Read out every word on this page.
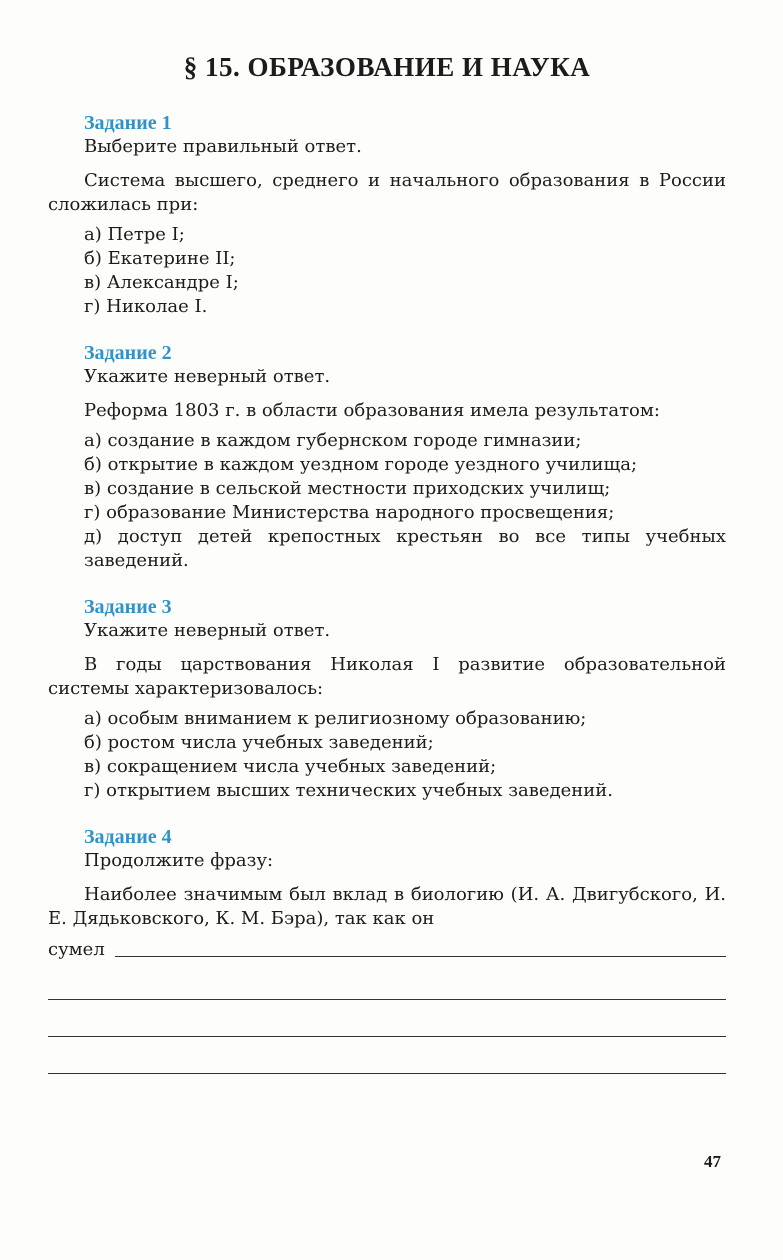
§ 15. ОБРАЗОВАНИЕ И НАУКА
Задание 1
Выберите правильный ответ.
Система высшего, среднего и начального образования в России сложилась при:
а) Петре I;
б) Екатерине II;
в) Александре I;
г) Николае I.
Задание 2
Укажите неверный ответ.
Реформа 1803 г. в области образования имела результатом:
а) создание в каждом губернском городе гимназии;
б) открытие в каждом уездном городе уездного училища;
в) создание в сельской местности приходских училищ;
г) образование Министерства народного просвещения;
д) доступ детей крепостных крестьян во все типы учебных заведений.
Задание 3
Укажите неверный ответ.
В годы царствования Николая I развитие образовательной системы характеризовалось:
а) особым вниманием к религиозному образованию;
б) ростом числа учебных заведений;
в) сокращением числа учебных заведений;
г) открытием высших технических учебных заведений.
Задание 4
Продолжите фразу:
Наиболее значимым был вклад в биологию (И. А. Двигубского, И. Е. Дядьковского, К. М. Бэра), так как он
сумел
47
